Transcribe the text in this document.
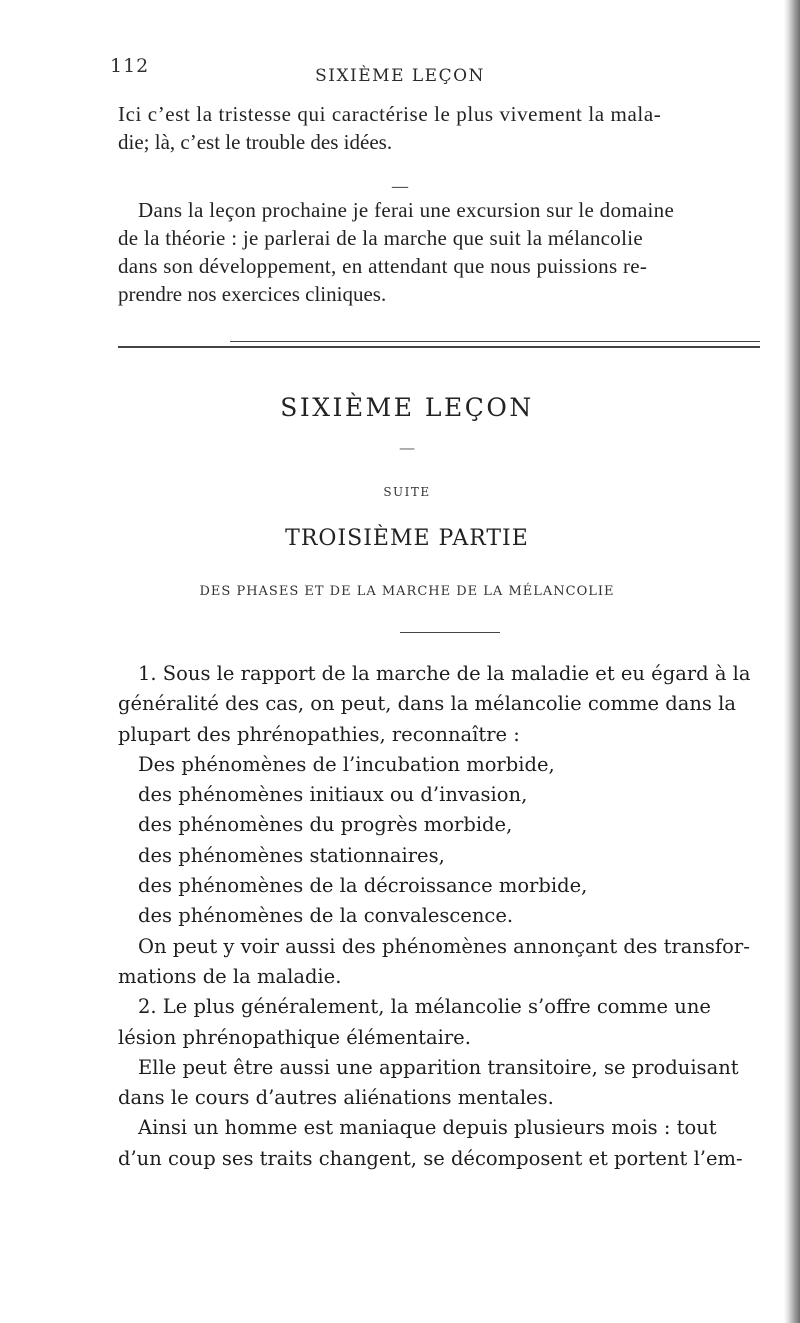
112	SIXIÈME LEÇON
Ici c’est la tristesse qui caractérise le plus vivement la mala-
die; là, c’est le trouble des idées.
—
Dans la leçon prochaine je ferai une excursion sur le domaine
de la théorie : je parlerai de la marche que suit la mélancolie
dans son développement, en attendant que nous puissions re-
prendre nos exercices cliniques.
SIXIÈME LEÇON
—
SUITE
TROISIÈME PARTIE
DES PHASES ET DE LA MARCHE DE LA MÉLANCOLIE
1. Sous le rapport de la marche de la maladie et eu égard à la
généralité des cas, on peut, dans la mélancolie comme dans la
plupart des phrénopathies, reconnaître :
Des phénomènes de l’incubation morbide,
des phénomènes initiaux ou d’invasion,
des phénomènes du progrès morbide,
des phénomènes stationnaires,
des phénomènes de la décroissance morbide,
des phénomènes de la convalescence.
On peut y voir aussi des phénomènes annonçant des transfor-
mations de la maladie.
2. Le plus généralement, la mélancolie s’offre comme une
lésion phrénopathique élémentaire.
Elle peut être aussi une apparition transitoire, se produisant
dans le cours d’autres aliénations mentales.
Ainsi un homme est maniaque depuis plusieurs mois : tout
d’un coup ses traits changent, se décomposent et portent l’em-
